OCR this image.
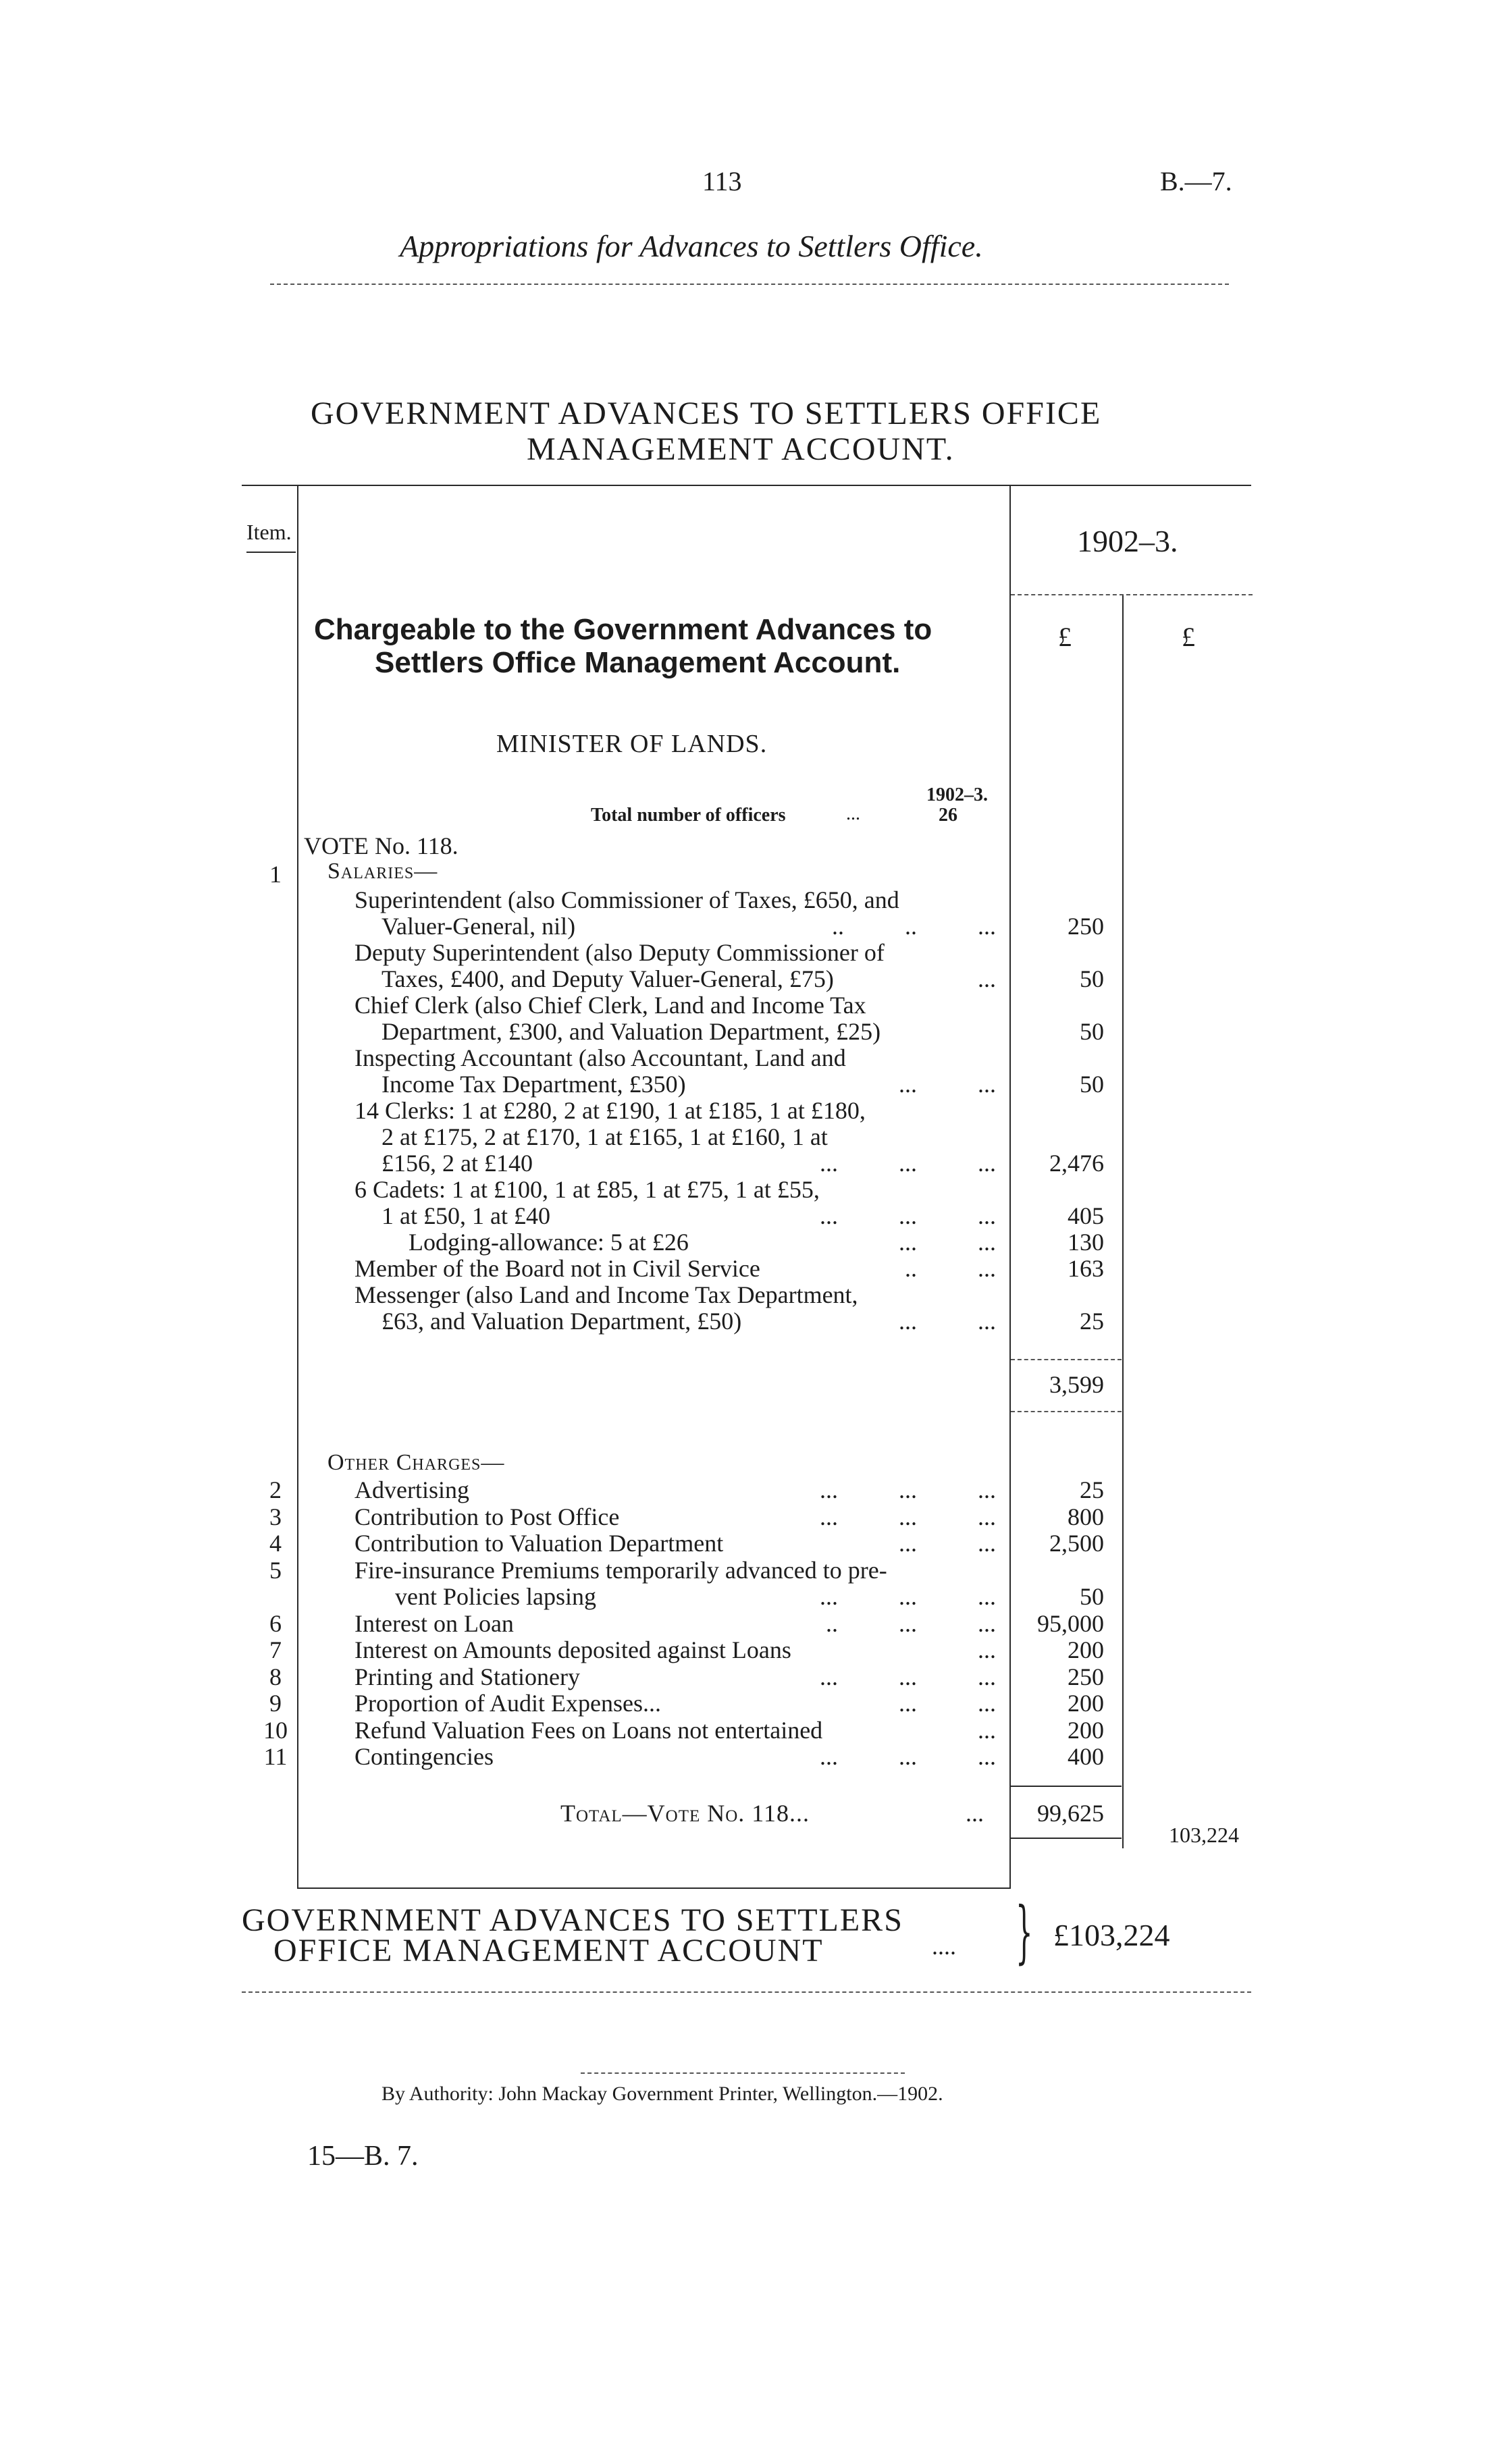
113	B.—7.
Appropriations for Advances to Settlers Office.
GOVERNMENT ADVANCES TO SETTLERS OFFICE
MANAGEMENT ACCOUNT.
Item.	1902–3.
£	£
Chargeable to the Government Advances to
Settlers Office Management Account.
MINISTER OF LANDS.
1902–3.
Total number of officers	...	26
VOTE No. 118.
1	Salaries—
Superintendent (also Commissioner of Taxes, £650, and
Valuer-General, nil)	..          ..          ...	250
Deputy Superintendent (also Deputy Commissioner of
Taxes, £400, and Deputy Valuer-General, £75)	...	50
Chief Clerk (also Chief Clerk, Land and Income Tax
Department, £300, and Valuation Department, £25)	50
Inspecting Accountant (also Accountant, Land and
Income Tax Department, £350)	...          ...	50
14 Clerks: 1 at £280, 2 at £190, 1 at £185, 1 at £180,
2 at £175, 2 at £170, 1 at £165, 1 at £160, 1 at
£156, 2 at £140	...          ...          ...	2,476
6 Cadets: 1 at £100, 1 at £85, 1 at £75, 1 at £55,
1 at £50, 1 at £40	...          ...          ...	405
Lodging-allowance: 5 at £26	...          ...	130
Member of the Board not in Civil Service	..          ...	163
Messenger (also Land and Income Tax Department,
£63, and Valuation Department, £50)	...          ...	25
3,599
Other Charges—
2	Advertising	...          ...          ...	25
3	Contribution to Post Office	...          ...          ...	800
4	Contribution to Valuation Department	...          ...	2,500
5	Fire-insurance Premiums temporarily advanced to pre-
vent Policies lapsing	...          ...          ...	50
6	Interest on Loan	..          ...          ...	95,000
7	Interest on Amounts deposited against Loans	...	200
8	Printing and Stationery	...          ...          ...	250
9	Proportion of Audit Expenses...	...          ...	200
10	Refund Valuation Fees on Loans not entertained	...	200
11	Contingencies	...          ...          ...	400
Total—Vote No. 118...	...	99,625
103,224
GOVERNMENT ADVANCES TO SETTLERS
OFFICE MANAGEMENT ACCOUNT	.... } £103,224
By Authority: John Mackay Government Printer, Wellington.—1902.
15—B. 7.
